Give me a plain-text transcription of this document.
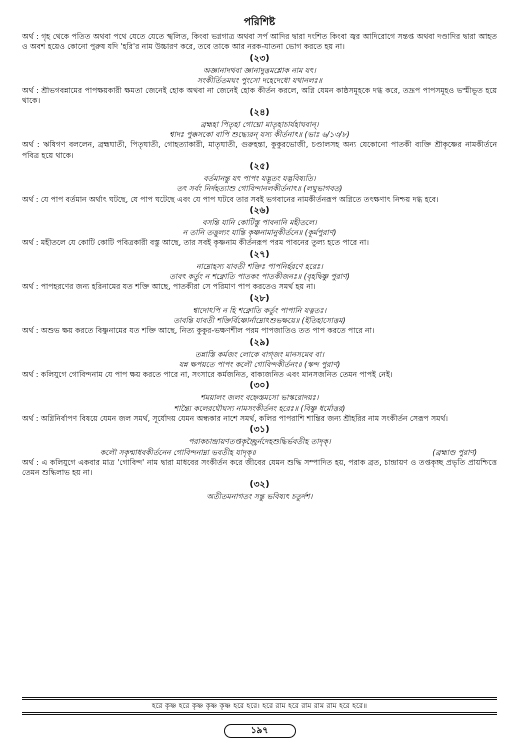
পরিশিষ্ট
অর্থ : গৃহ থেকে পতিত অথবা পথে যেতে যেতে স্খলিত, কিংবা ভগ্নগাত্র অথবা সর্প আদির দ্বারা দংশিত কিংবা জ্বর আদিরোগে সন্তপ্ত অথবা দণ্ডাদির দ্বারা আহত ও অবশ হয়েও কোনো পুরুষ যদি 'হরি'র নাম উচ্চারণ করে, তবে তাকে আর নরক-যাতনা ভোগ করতে হয় না।
(২৩)
অজ্ঞানাদথবা জ্ঞানাদুত্তমশ্লোক নাম যৎ।
সংকীর্তিতমঘং পুংসো দহেদেধো যথানলঃ॥
অর্থ : শ্রীভগবন্নামের পাপক্ষয়কারী ক্ষমতা জেনেই হোক অথবা না জেনেই হোক কীর্তন করলে, অগ্নি যেমন কাষ্ঠসমূহকে দগ্ধ করে, তদ্রূপ পাপসমূহও ভস্মীভূত হয়ে থাকে।
(২৪)
ব্রহ্মহা পিতৃহা গোঘ্নো মাতৃহাচার্যহাঘবান্।
শ্বাদঃ পুক্কসকো বাপি শুদ্ধ্যেরন্ যস্য কীর্তনাৎ॥ (ভাঃ ৬/১৩/৮)
অর্থ : ঋষিগণ বললেন, ব্রহ্মঘাতী, পিতৃঘাতী, গোহত্যাকারী, মাতৃঘাতী, গুরুহন্তা, কুকুরভোজী, চণ্ডালসহ অন্য যেকোনো পাতকী ব্যক্তি শ্রীকৃষ্ণের নামকীর্তনে পবিত্র হয়ে থাকে।
(২৫)
বর্তমানন্তু যৎ পাপং যদ্ভূতং যদ্ভবিষ্যতি।
তৎ সর্বং নির্দহত্যাশু গোবিন্দানলকীর্তনাৎ॥ (লঘুভাগবত)
অর্থ : যে পাপ বর্তমান অর্থাৎ ঘটছে, যে পাপ ঘটেছে এবং যে পাপ ঘটবে তার সবই ভগবানের নামকীর্তনরূপ অগ্নিতে তৎক্ষণাৎ নিশ্চয় দগ্ধ হবে।
(২৬)
বসন্তি যানি কোটিস্তু পাবনানি মহীতলে।
ন তানি তত্তুল্যং যান্তি কৃষ্ণনামানুকীর্তনে॥ (কূর্মপুরাণ)
অর্থ : মহীতলে যে কোটি কোটি পবিত্রকারী বস্তু আছে, তার সবই কৃষ্ণনাম কীর্তনরূপ পরম পাবনের তুল্য হতে পারে না।
(২৭)
নাম্নোহস্য যাবতী শক্তিঃ পাপনির্হরণে হরেঃ।
তাবৎ কর্তুং ন শক্নোতি পাতকং পাতকীজনঃ॥ (বৃহদ্বিষ্ণু পুরাণ)
অর্থ : পাপহরণের জন্য হরিনামের যত শক্তি আছে, পাতকীরা সে পরিমাণ পাপ করতেও সমর্থ হয় না।
(২৮)
শ্বাদোঽপি ন হি শক্নোতি কর্তুং পাপানি যত্নতঃ।
তাবন্তি যাবতী শক্তির্বিষ্ণোর্নাম্নোঽশুভক্ষয়ে॥ (ইতিহাসোত্তম)
অর্থ : অশুভ ক্ষয় করতে বিষ্ণুনামের যত শক্তি আছে, নিত্য কুকুর-ভক্ষণশীল পরম পাপজাতিও তত পাপ করতে পারে না।
(২৯)
তন্নাস্তি কর্মজং লোকে বাগ্জং মানসমেব বা।
যন্ন ক্ষপয়তে পাপং কলৌ গোবিন্দকীর্তনং॥ (স্কন্দ পুরাণ)
অর্থ : কলিযুগে গোবিন্দনাম যে পাপ ক্ষয় করতে পারে না, সংসারে কর্মজনিত, বাক্যজনিত এবং মানসজনিত তেমন পাপই নেই।
(৩০)
শময়ালং জলং বহ্নেস্তমসো ভাস্করোদয়ঃ।
শান্ত্যৈ কলেরঘৌঘস্য নামসংকীর্তনং হরেঃ॥ (বিষ্ণু ধর্মোত্তর)
অর্থ : অগ্নিনির্বাপণ বিষয়ে যেমন জল সমর্থ, সূর্যোদয় যেমন অন্ধকার নাশে সমর্থ, কলির পাপরাশি শান্তির জন্য শ্রীহরির নাম সংকীর্তন সেরূপ সমর্থ।
(৩১)
পরাকচান্দ্রায়ণতপ্তকৃচ্ছ্রৈর্নদেহশুদ্ধির্ভবতীহ তাদৃক্।
কলৌ সকৃন্মাধবকীর্তনেন গোবিন্দনাম্না ভবতীহ যাদৃক্॥	(ব্রহ্মাণ্ড পুরাণ)
অর্থ : এ কলিযুগে একবার মাত্র 'গোবিন্দ' নাম দ্বারা মাধবের সংকীর্তন করে জীবের যেমন শুদ্ধি সম্পাদিত হয়, পরাক ব্রত, চান্দ্রায়ণ ও তপ্তকৃচ্ছ প্রভৃতি প্রায়শ্চিত্তে তেমন শুদ্ধিলাভ হয় না।
(৩২)
অতীতমনাগতং সন্তু ভবিষ্যৎ চতুর্দশ।
হরে কৃষ্ণ হরে কৃষ্ণ কৃষ্ণ কৃষ্ণ হরে হরে। হরে রাম হরে রাম রাম রাম হরে হরে॥
১৯৭
